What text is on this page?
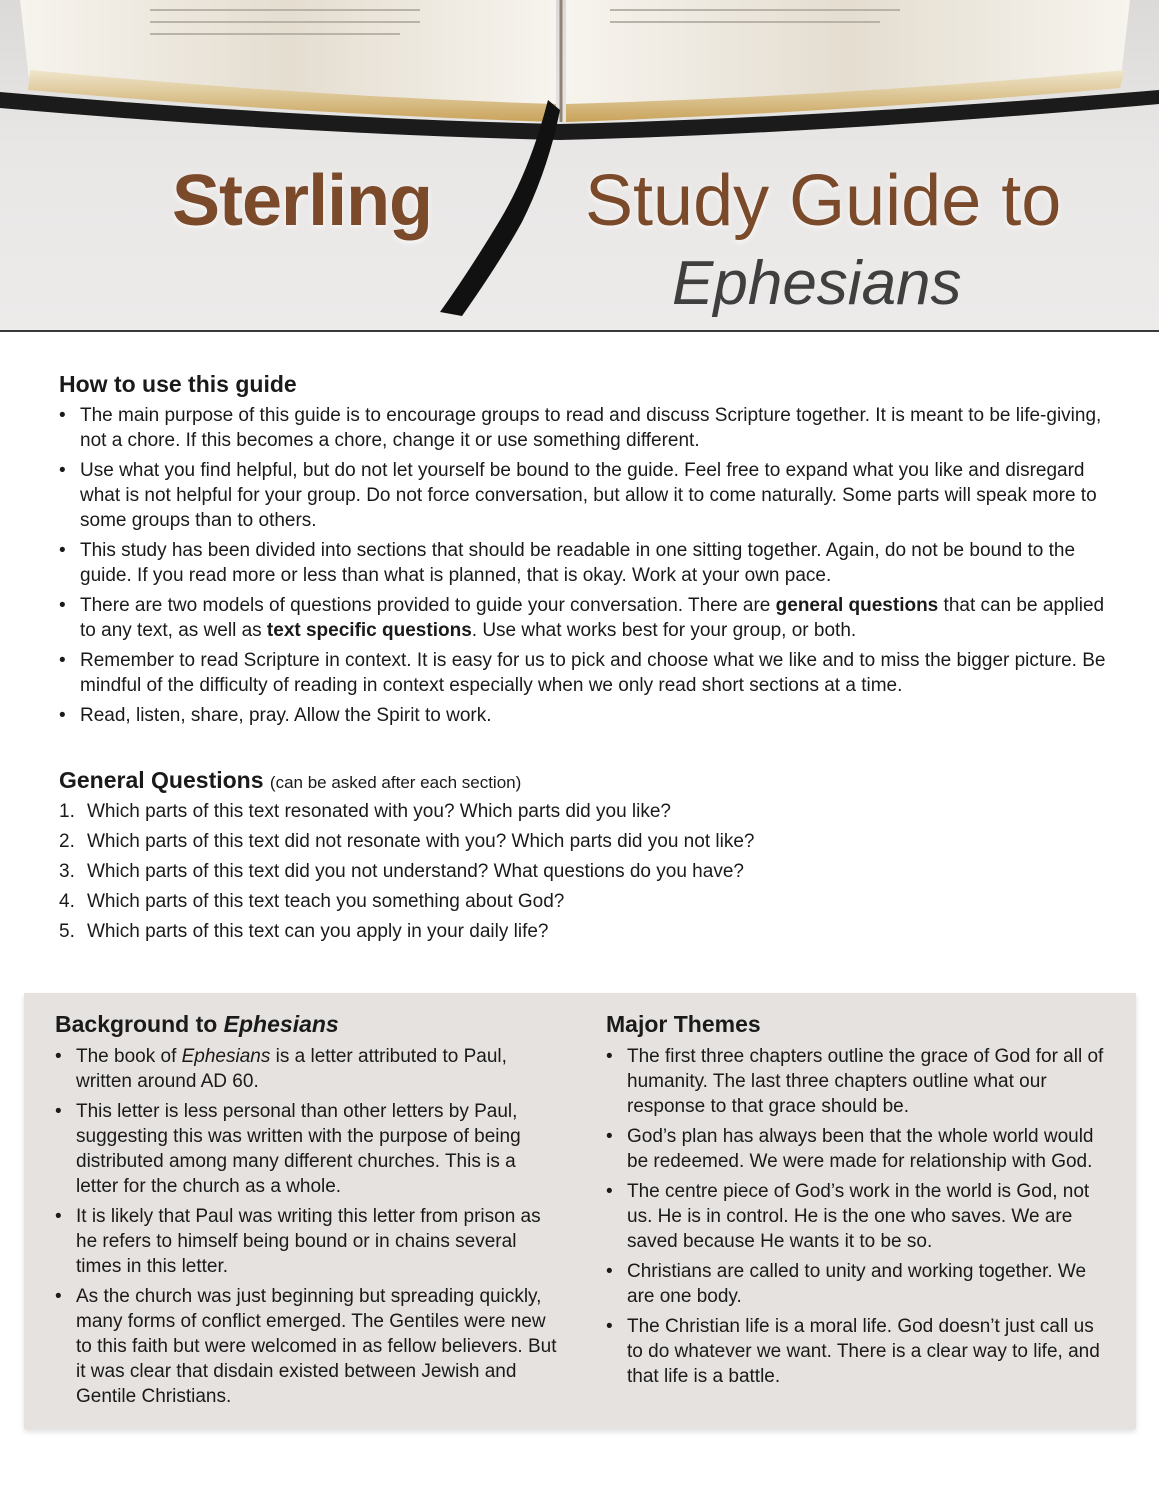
Sterling Study Guide to
Ephesians
How to use this guide
• The main purpose of this guide is to encourage groups to read and discuss Scripture together. It is meant to be life-giving, not a chore. If this becomes a chore, change it or use something different.
• Use what you find helpful, but do not let yourself be bound to the guide. Feel free to expand what you like and disregard what is not helpful for your group. Do not force conversation, but allow it to come naturally. Some parts will speak more to some groups than to others.
• This study has been divided into sections that should be readable in one sitting together. Again, do not be bound to the guide. If you read more or less than what is planned, that is okay. Work at your own pace.
• There are two models of questions provided to guide your conversation. There are general questions that can be applied to any text, as well as text specific questions. Use what works best for your group, or both.
• Remember to read Scripture in context. It is easy for us to pick and choose what we like and to miss the bigger picture. Be mindful of the difficulty of reading in context especially when we only read short sections at a time.
• Read, listen, share, pray. Allow the Spirit to work.
General Questions (can be asked after each section)
1. Which parts of this text resonated with you? Which parts did you like?
2. Which parts of this text did not resonate with you? Which parts did you not like?
3. Which parts of this text did you not understand? What questions do you have?
4. Which parts of this text teach you something about God?
5. Which parts of this text can you apply in your daily life?
Background to Ephesians
• The book of Ephesians is a letter attributed to Paul, written around AD 60.
• This letter is less personal than other letters by Paul, suggesting this was written with the purpose of being distributed among many different churches. This is a letter for the church as a whole.
• It is likely that Paul was writing this letter from prison as he refers to himself being bound or in chains several times in this letter.
• As the church was just beginning but spreading quickly, many forms of conflict emerged. The Gentiles were new to this faith but were welcomed in as fellow believers. But it was clear that disdain existed between Jewish and Gentile Christians.
Major Themes
• The first three chapters outline the grace of God for all of humanity. The last three chapters outline what our response to that grace should be.
• God’s plan has always been that the whole world would be redeemed. We were made for relationship with God.
• The centre piece of God’s work in the world is God, not us. He is in control. He is the one who saves. We are saved because He wants it to be so.
• Christians are called to unity and working together. We are one body.
• The Christian life is a moral life. God doesn’t just call us to do whatever we want. There is a clear way to life, and that life is a battle.
